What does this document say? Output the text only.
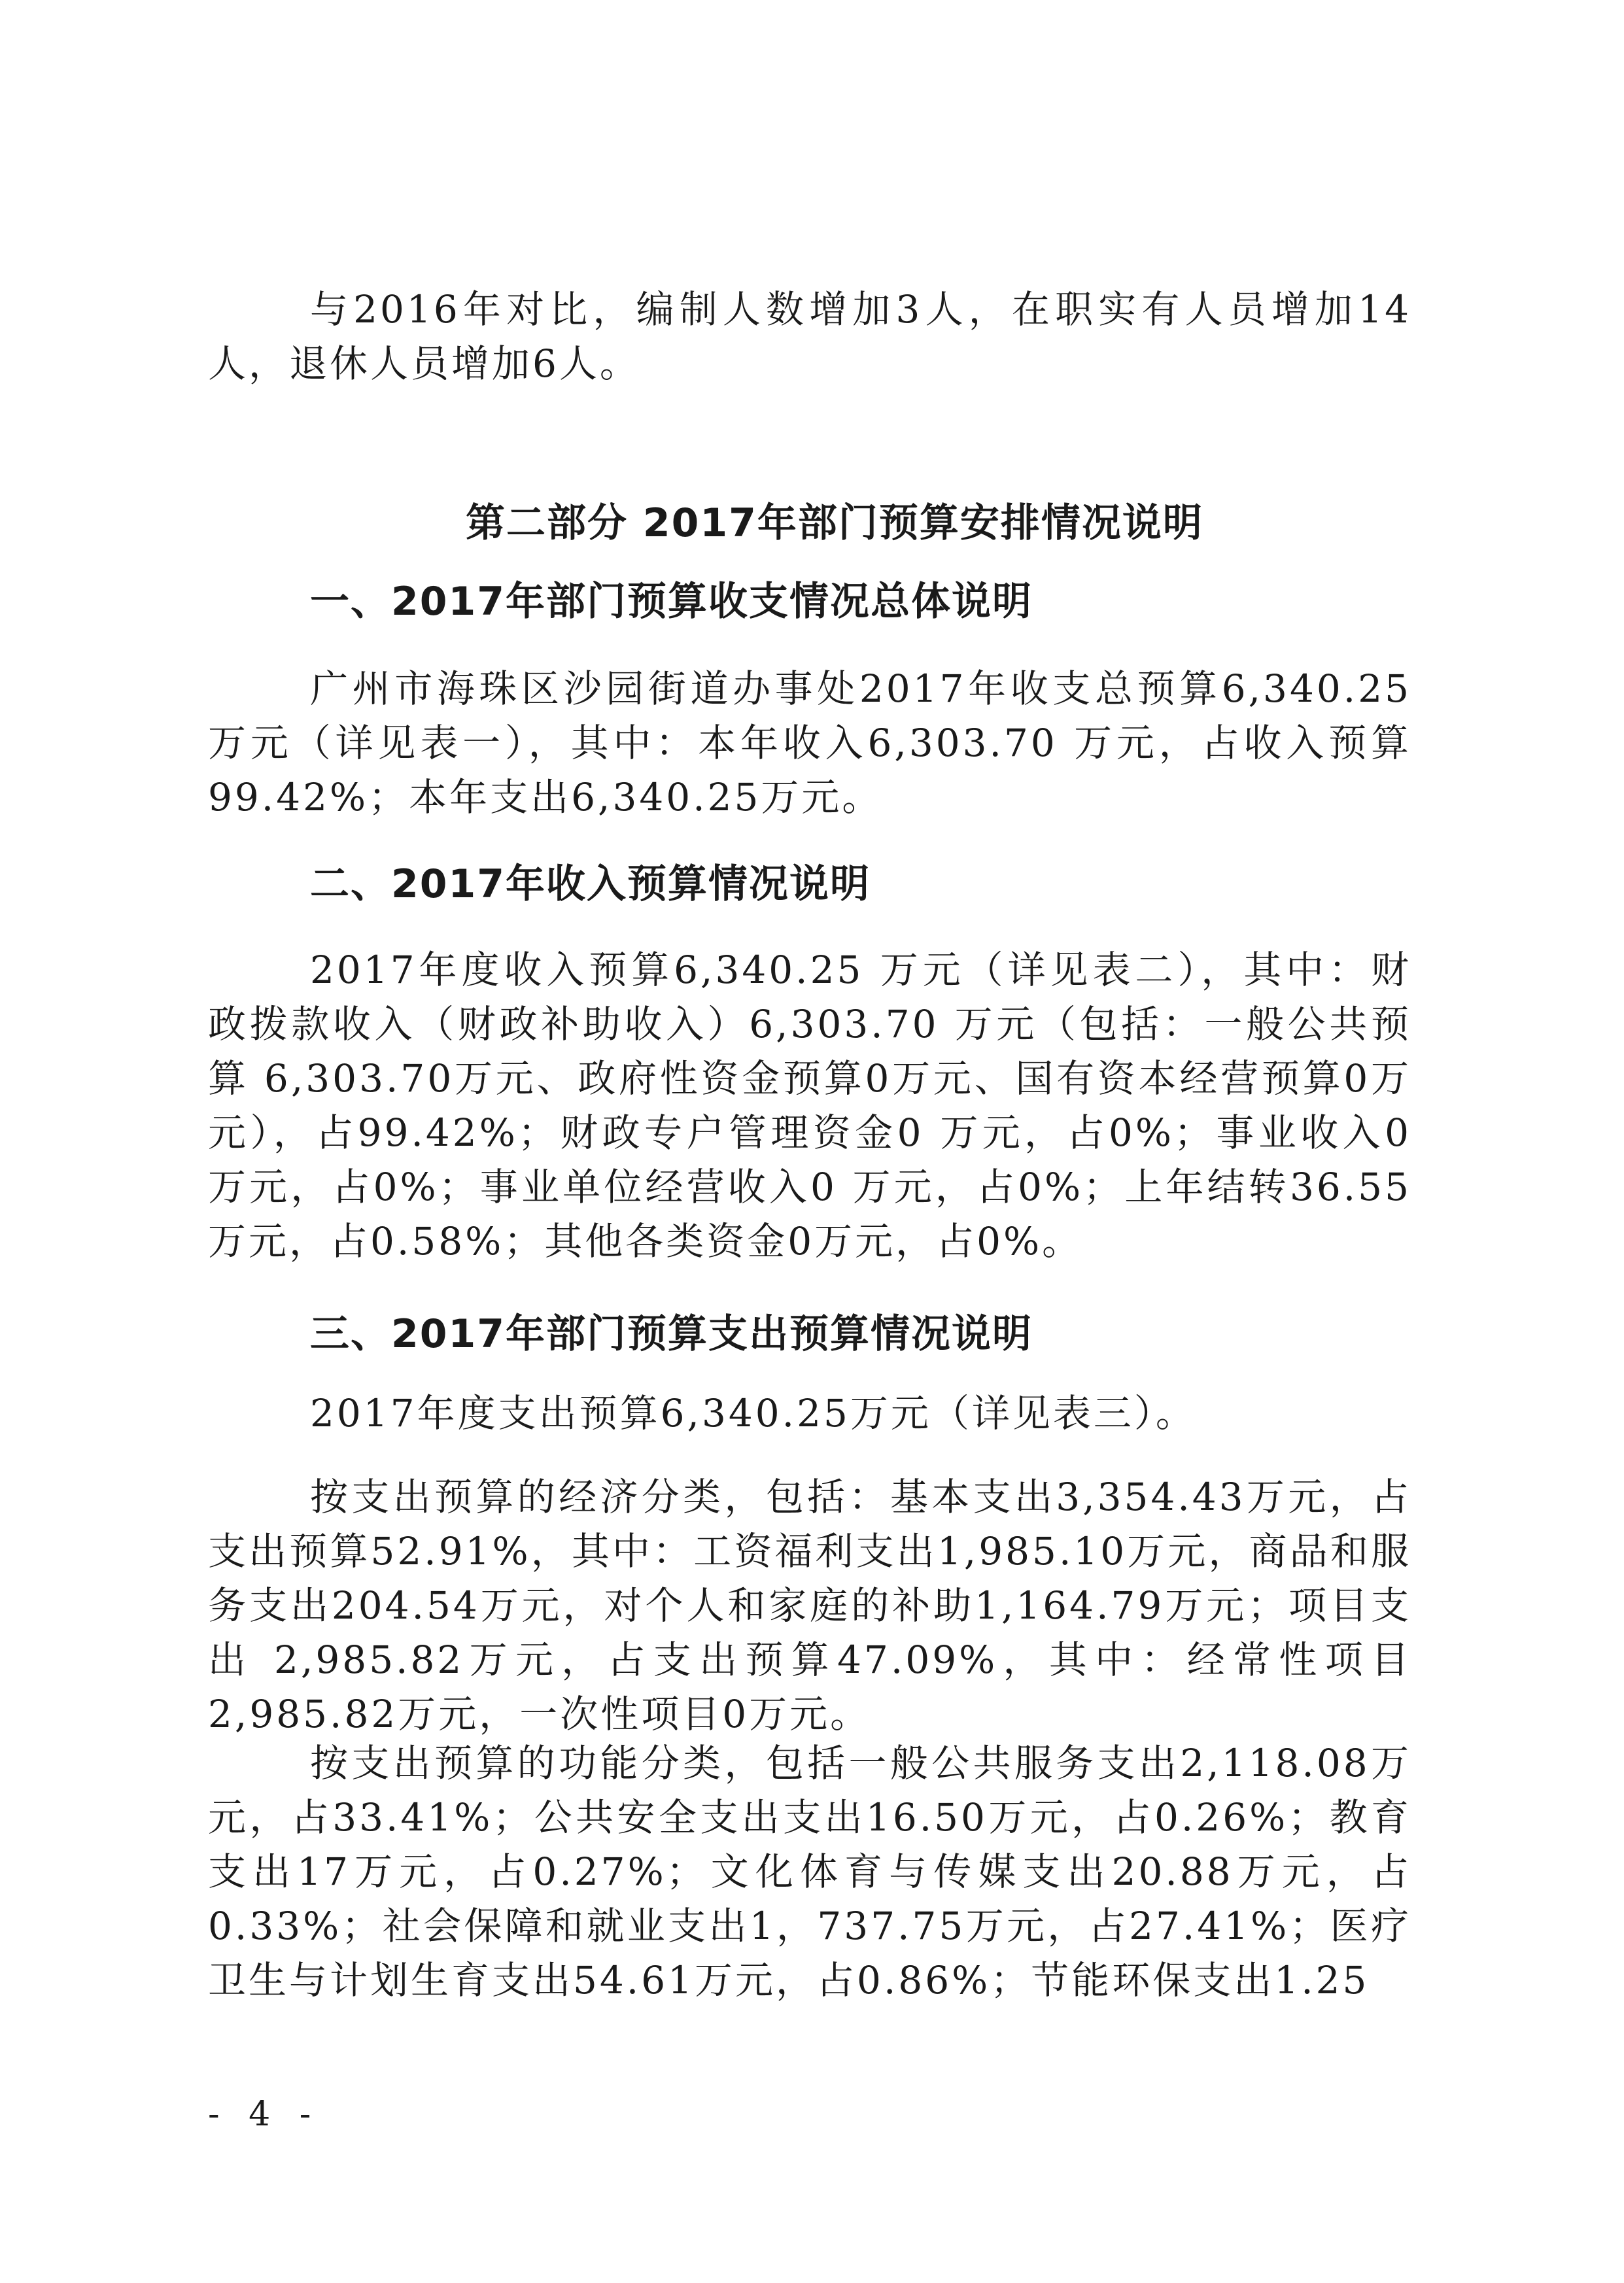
与2016年对比，编制人数增加3人，在职实有人员增加14人，退休人员增加6人。

第二部分 2017年部门预算安排情况说明
一、2017年部门预算收支情况总体说明

广州市海珠区沙园街道办事处2017年收支总预算6,340.25万元（详见表一），其中：本年收入6,303.70 万元，占收入预算99.42%；本年支出6,340.25万元。

二、2017年收入预算情况说明

2017年度收入预算6,340.25 万元（详见表二），其中：财政拨款收入（财政补助收入）6,303.70 万元（包括：一般公共预算 6,303.70万元、政府性资金预算0万元、国有资本经营预算0万元），占99.42%；财政专户管理资金0 万元，占0%；事业收入0 万元，占0%；事业单位经营收入0 万元，占0%；上年结转36.55万元，占0.58%；其他各类资金0万元，占0%。

三、2017年部门预算支出预算情况说明

2017年度支出预算6,340.25万元（详见表三）。

按支出预算的经济分类，包括：基本支出3,354.43万元，占支出预算52.91%，其中：工资福利支出1,985.10万元，商品和服务支出204.54万元，对个人和家庭的补助1,164.79万元；项目支出 2,985.82万元，占支出预算47.09%，其中：经常性项目2,985.82万元，一次性项目0万元。

按支出预算的功能分类，包括一般公共服务支出2,118.08万元，占33.41%；公共安全支出支出16.50万元，占0.26%；教育支出17万元，占0.27%；文化体育与传媒支出20.88万元，占0.33%；社会保障和就业支出1，737.75万元，占27.41%；医疗卫生与计划生育支出54.61万元，占0.86%；节能环保支出1.25

- 4 -
